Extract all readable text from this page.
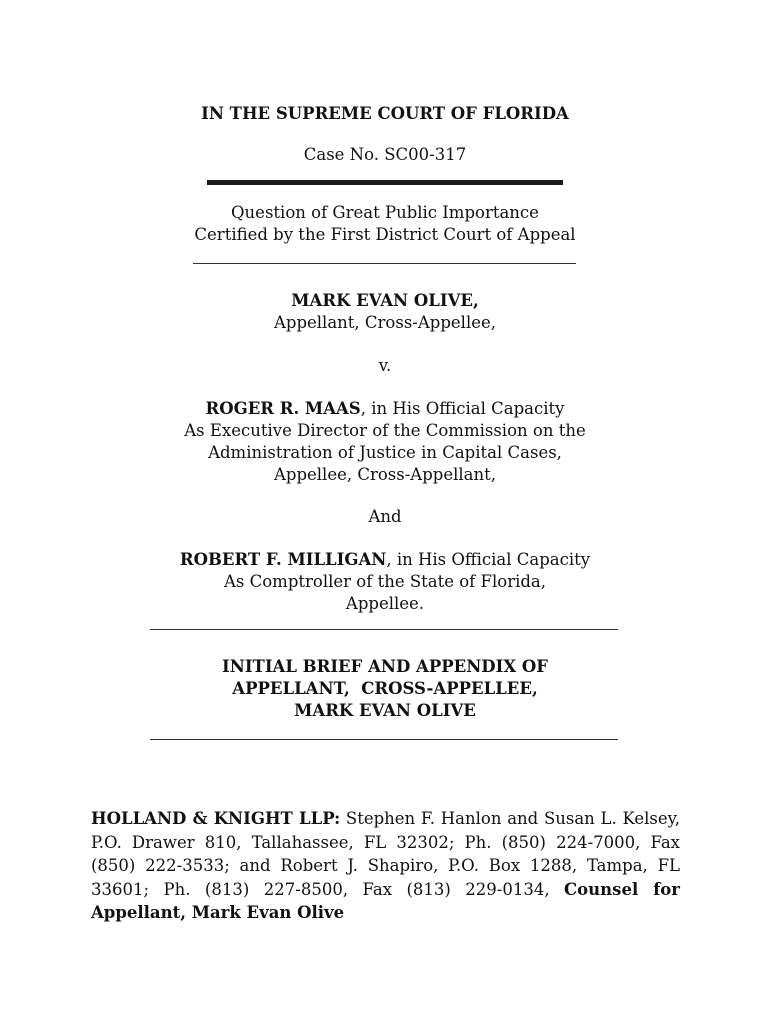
IN THE SUPREME COURT OF FLORIDA
Case No. SC00-317
Question of Great Public Importance
Certified by the First District Court of Appeal
MARK EVAN OLIVE,
Appellant, Cross-Appellee,
v.
ROGER R. MAAS, in His Official Capacity
As Executive Director of the Commission on the
Administration of Justice in Capital Cases,
Appellee, Cross-Appellant,
And
ROBERT F. MILLIGAN, in His Official Capacity
As Comptroller of the State of Florida,
Appellee.
INITIAL BRIEF AND APPENDIX OF
APPELLANT,  CROSS-APPELLEE,
MARK EVAN OLIVE
HOLLAND & KNIGHT LLP: Stephen F. Hanlon and Susan L. Kelsey, P.O. Drawer 810, Tallahassee, FL 32302; Ph. (850) 224-7000, Fax (850) 222-3533; and Robert J. Shapiro, P.O. Box 1288, Tampa, FL 33601; Ph. (813) 227-8500, Fax (813) 229-0134, Counsel for Appellant, Mark Evan Olive
